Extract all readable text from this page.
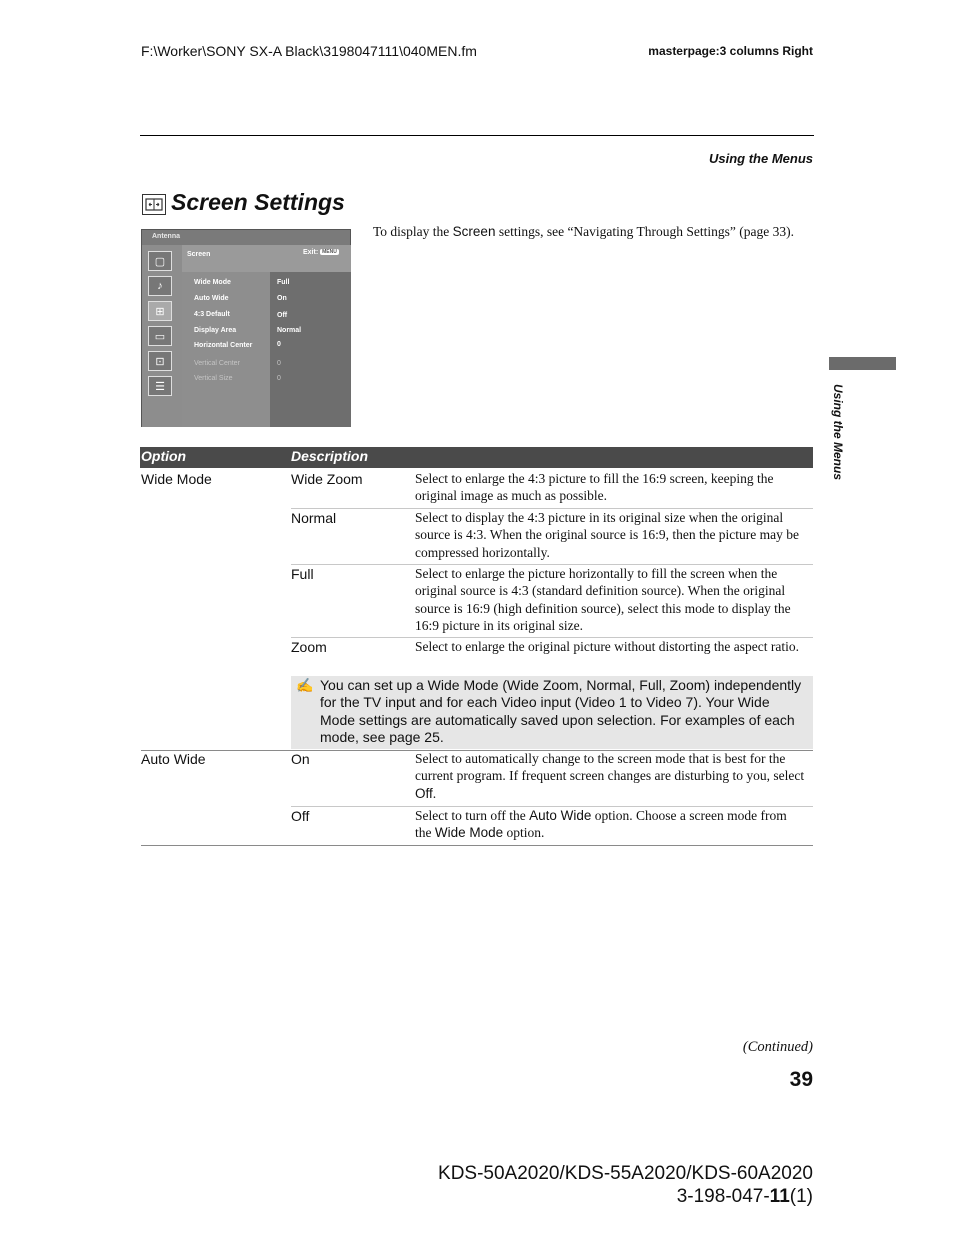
F:\Worker\SONY SX-A Black\3198047111\040MEN.fm	masterpage:3 columns Right
Using the Menus
Using the Menus
Screen Settings
To display the Screen settings, see “Navigating Through Settings” (page 33).
Antenna
Screen	Exit: MENU
▢
♪
⊞
▭
⊡
☰
Wide Mode	Full
Auto Wide	On
4:3 Default	Off
Display Area	Normal
Horizontal Center	0
Vertical Center	0
Vertical Size	0
Option	Description
Wide Mode	Wide Zoom	Select to enlarge the 4:3 picture to fill the 16:9 screen, keeping the original image as much as possible.
Normal	Select to display the 4:3 picture in its original size when the original source is 4:3. When the original source is 16:9, then the picture may be compressed horizontally.
Full	Select to enlarge the picture horizontally to fill the screen when the original source is 4:3 (standard definition source). When the original source is 16:9 (high definition source), select this mode to display the 16:9 picture in its original size.
Zoom	Select to enlarge the original picture without distorting the aspect ratio.
✍ You can set up a Wide Mode (Wide Zoom, Normal, Full, Zoom) independently for the TV input and for each Video input (Video 1 to Video 7). Your Wide Mode settings are automatically saved upon selection. For examples of each mode, see page 25.
Auto Wide	On	Select to automatically change to the screen mode that is best for the current program. If frequent screen changes are disturbing to you, select Off.
Off	Select to turn off the Auto Wide option. Choose a screen mode from the Wide Mode option.
(Continued)
39
KDS-50A2020/KDS-55A2020/KDS-60A2020
3-198-047-11(1)
